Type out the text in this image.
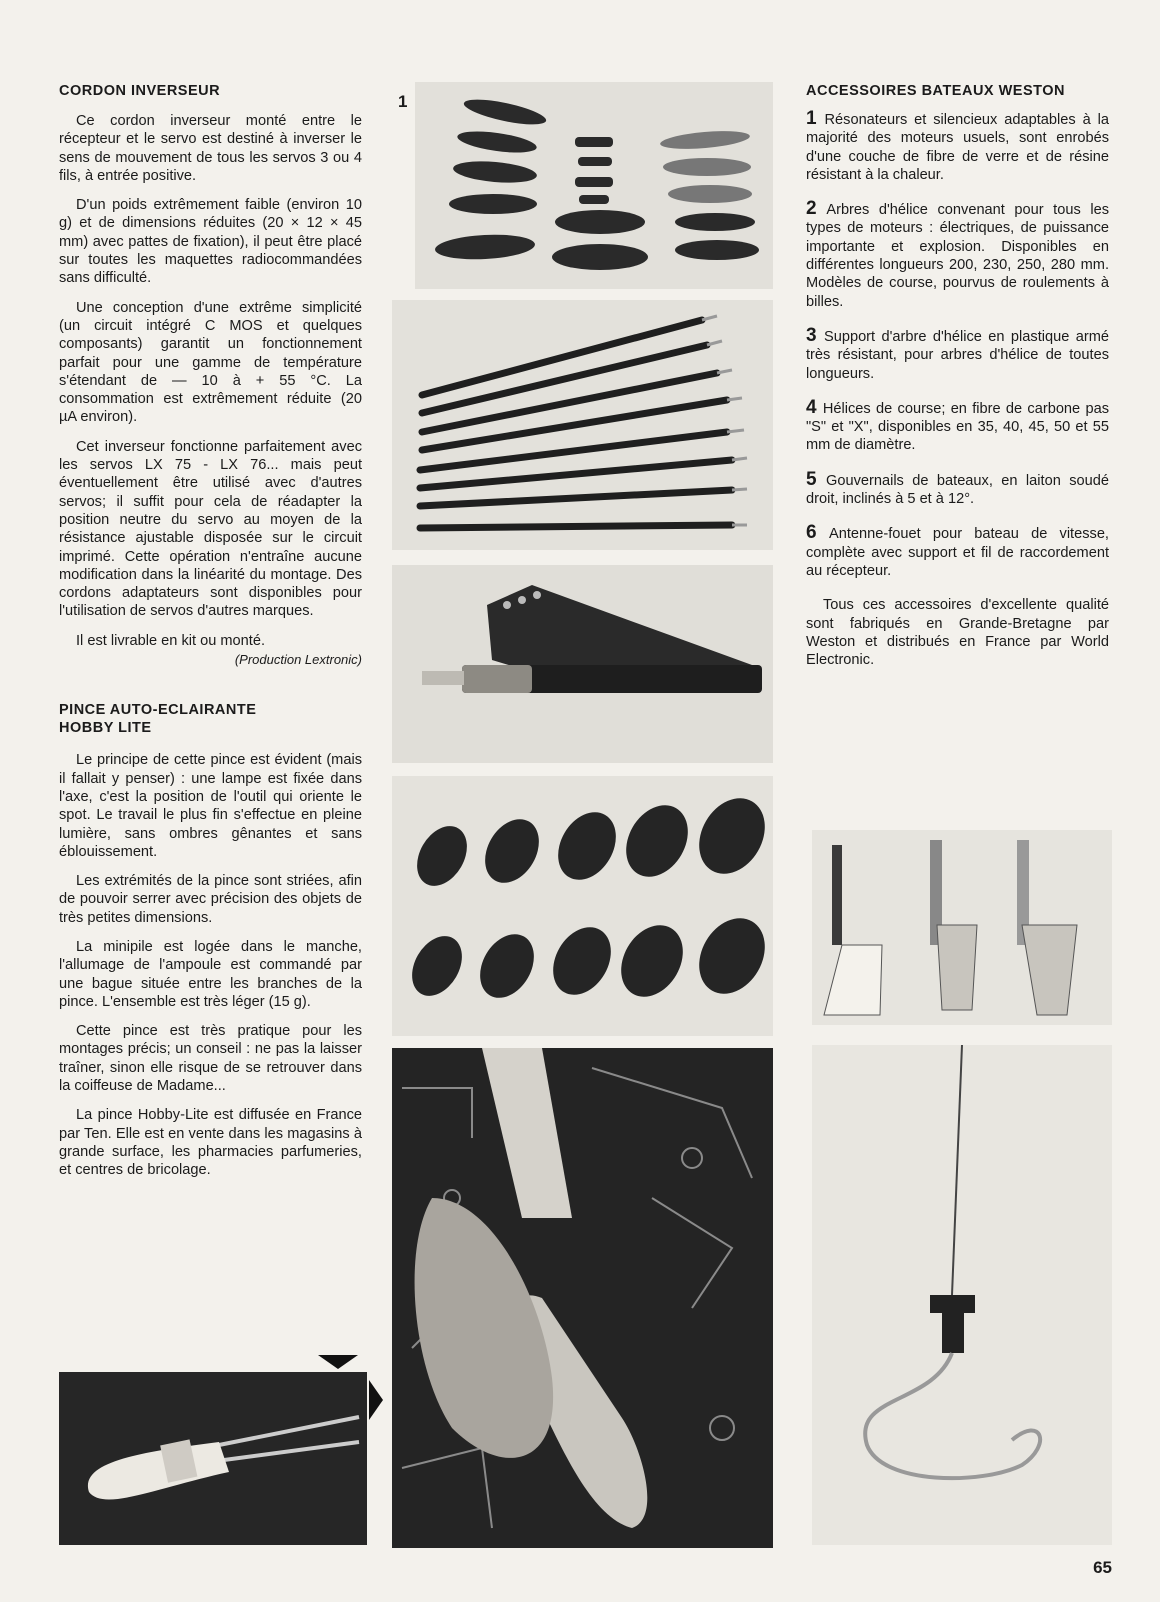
CORDON INVERSEUR

Ce cordon inverseur monté entre le récepteur et le servo est destiné à inverser le sens de mouvement de tous les servos 3 ou 4 fils, à entrée positive.

D'un poids extrêmement faible (environ 10 g) et de dimensions réduites (20 × 12 × 45 mm) avec pattes de fixation), il peut être placé sur toutes les maquettes radiocommandées sans difficulté.

Une conception d'une extrême simplicité (un circuit intégré C MOS et quelques composants) garantit un fonctionnement parfait pour une gamme de température s'étendant de — 10 à + 55 °C. La consommation est extrêmement réduite (20 µA environ).

Cet inverseur fonctionne parfaitement avec les servos LX 75 - LX 76... mais peut éventuellement être utilisé avec d'autres servos; il suffit pour cela de réadapter la position neutre du servo au moyen de la résistance ajustable disposée sur le circuit imprimé. Cette opération n'entraîne aucune modification dans la linéarité du montage. Des cordons adaptateurs sont disponibles pour l'utilisation de servos d'autres marques.

Il est livrable en kit ou monté.

(Production Lextronic)

PINCE AUTO-ECLAIRANTE
HOBBY LITE

Le principe de cette pince est évident (mais il fallait y penser) : une lampe est fixée dans l'axe, c'est la position de l'outil qui oriente le spot. Le travail le plus fin s'effectue en pleine lumière, sans ombres gênantes et sans éblouissement.

Les extrémités de la pince sont striées, afin de pouvoir serrer avec précision des objets de très petites dimensions.

La minipile est logée dans le manche, l'allumage de l'ampoule est commandé par une bague située entre les branches de la pince. L'ensemble est très léger (15 g).

Cette pince est très pratique pour les montages précis; un conseil : ne pas la laisser traîner, sinon elle risque de se retrouver dans la coiffeuse de Madame...

La pince Hobby-Lite est diffusée en France par Ten. Elle est en vente dans les magasins à grande surface, les pharmacies parfumeries, et centres de bricolage.

ACCESSOIRES BATEAUX WESTON

1 Résonateurs et silencieux adaptables à la majorité des moteurs usuels, sont enrobés d'une couche de fibre de verre et de résine résistant à la chaleur.

2 Arbres d'hélice convenant pour tous les types de moteurs : électriques, de puissance importante et explosion. Disponibles en différentes longueurs 200, 230, 250, 280 mm. Modèles de course, pourvus de roulements à billes.

3 Support d'arbre d'hélice en plastique armé très résistant, pour arbres d'hélice de toutes longueurs.

4 Hélices de course; en fibre de carbone pas "S" et "X", disponibles en 35, 40, 45, 50 et 55 mm de diamètre.

5 Gouvernails de bateaux, en laiton soudé droit, inclinés à 5 et à 12°.

6 Antenne-fouet pour bateau de vitesse, complète avec support et fil de raccordement au récepteur.

Tous ces accessoires d'excellente qualité sont fabriqués en Grande-Bretagne par Weston et distribués en France par World Electronic.

1
65
